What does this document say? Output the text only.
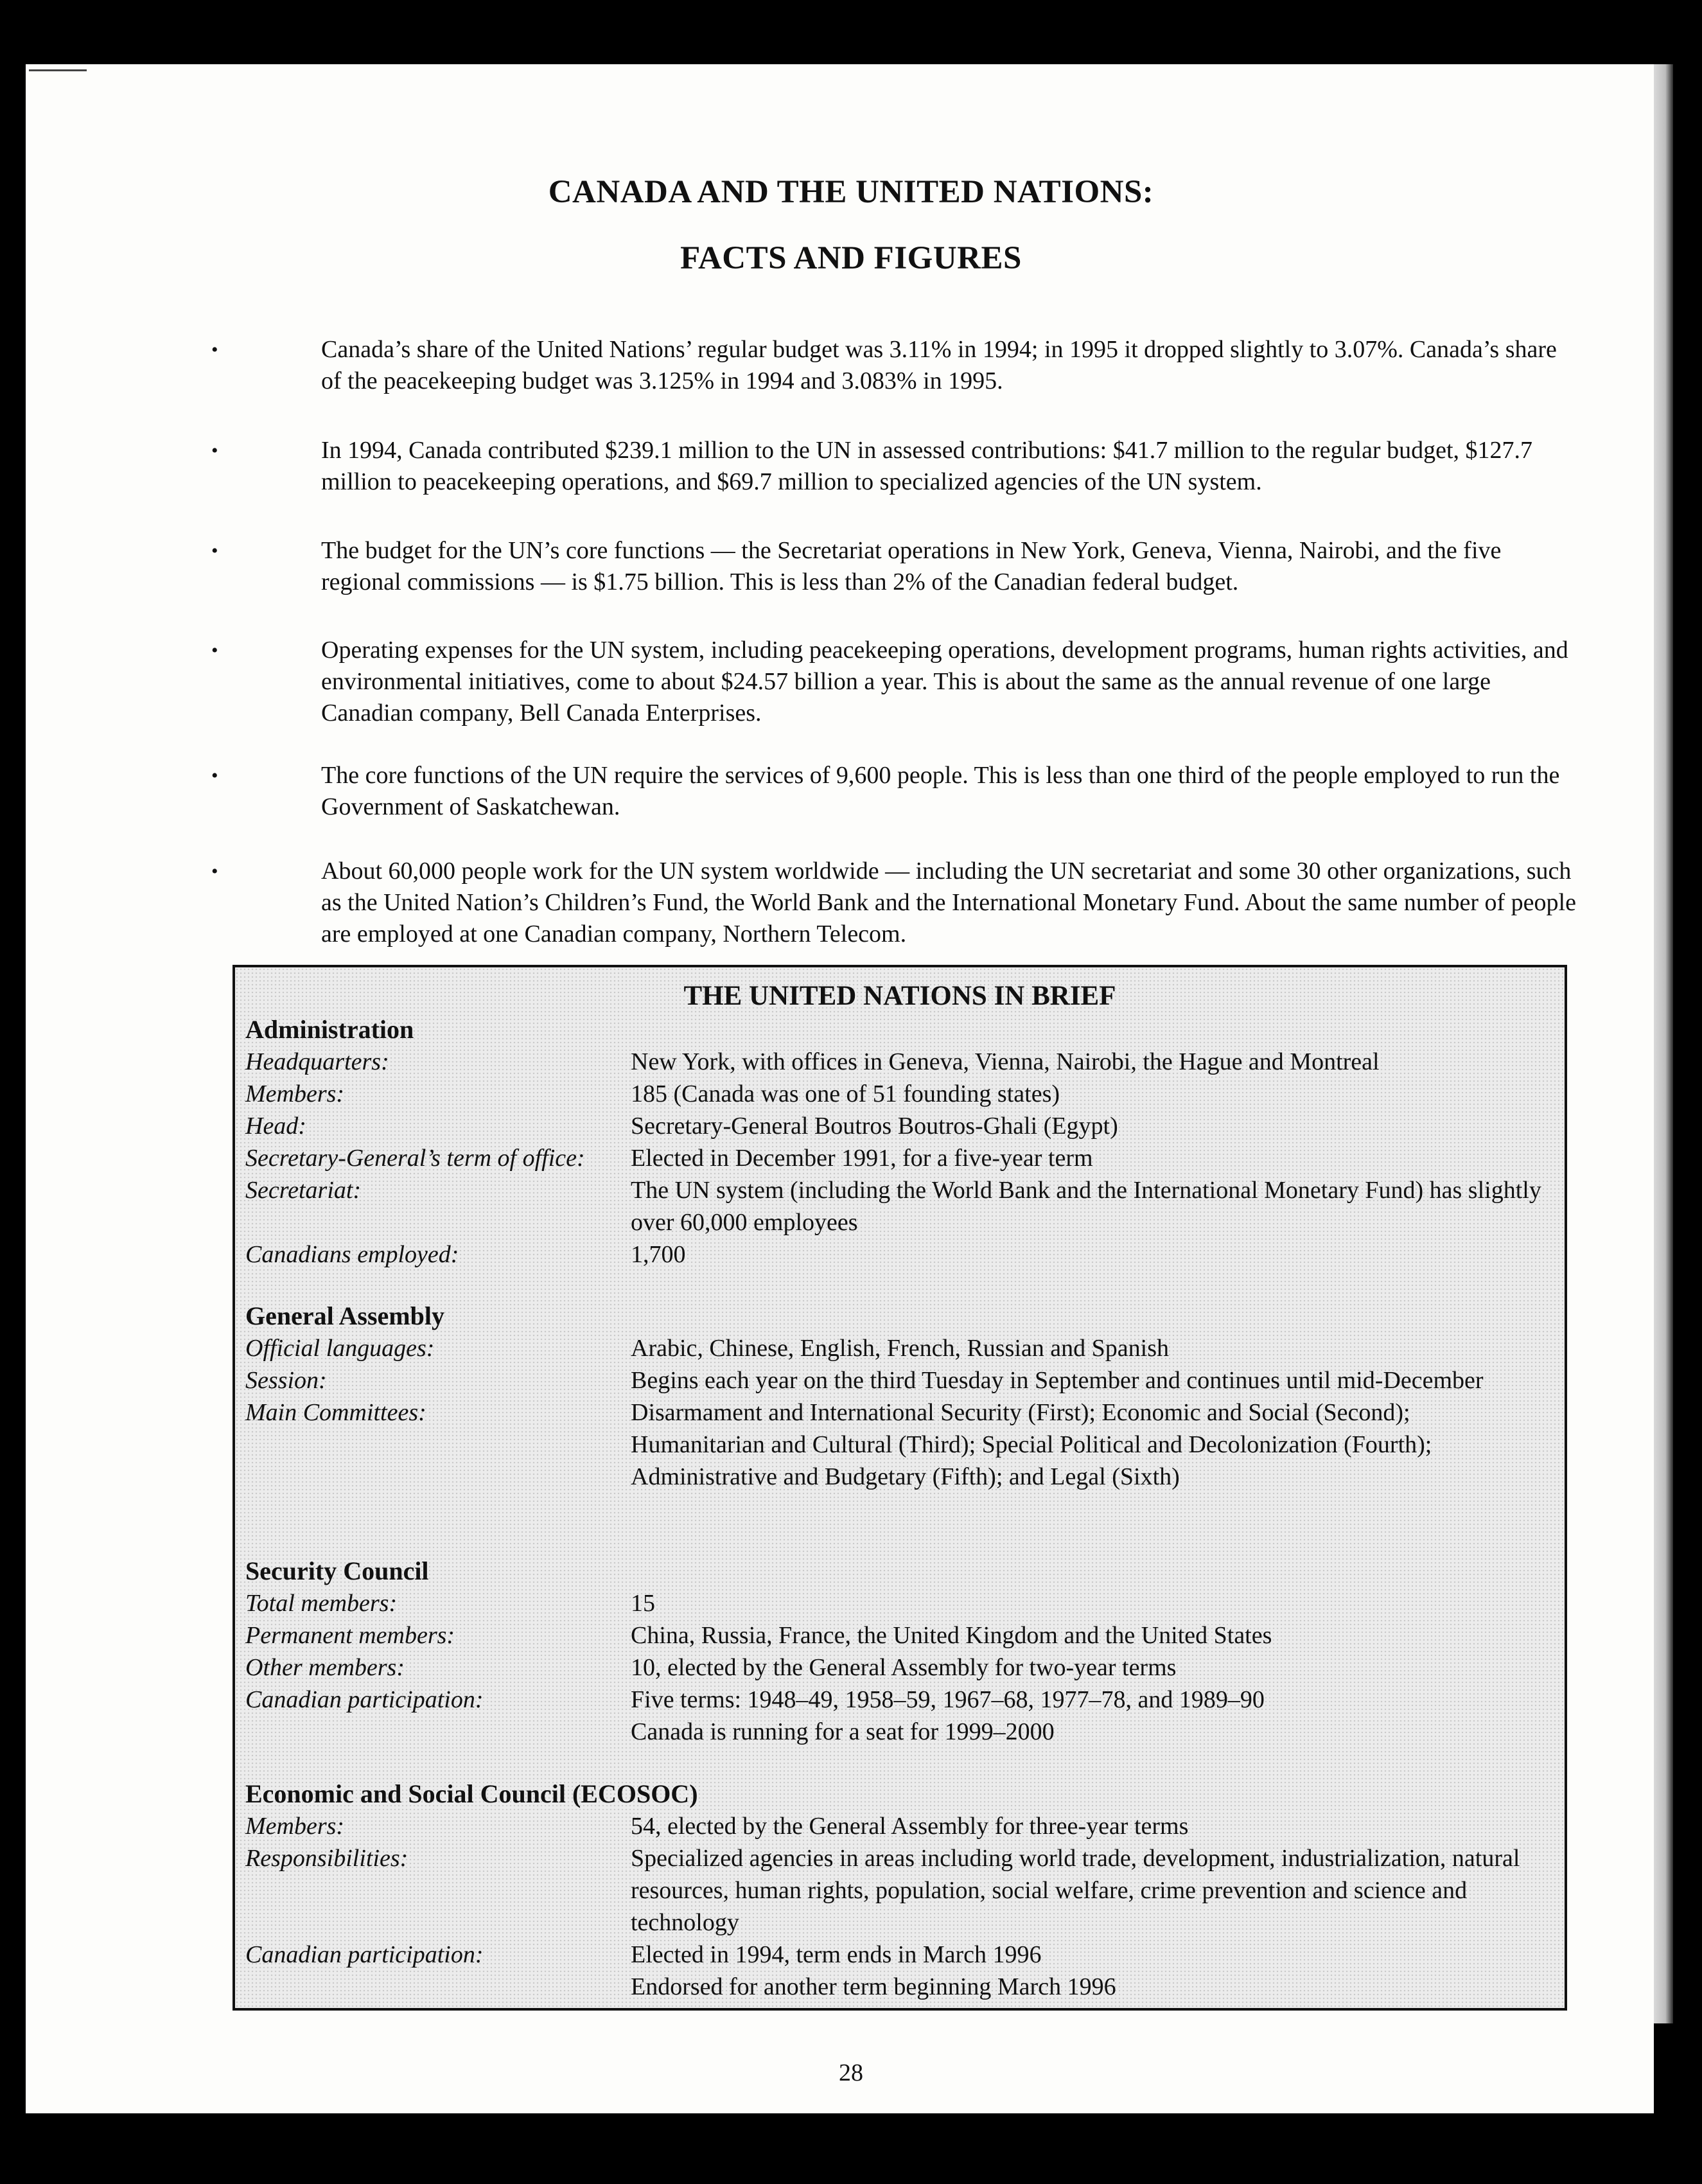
CANADA AND THE UNITED NATIONS:
FACTS AND FIGURES
•	Canada’s share of the United Nations’ regular budget was 3.11% in 1994; in 1995 it dropped slightly to 3.07%. Canada’s share of the peacekeeping budget was 3.125% in 1994 and 3.083% in 1995.
•	In 1994, Canada contributed $239.1 million to the UN in assessed contributions: $41.7 million to the regular budget, $127.7 million to peacekeeping operations, and $69.7 million to specialized agencies of the UN system.
•	The budget for the UN’s core functions — the Secretariat operations in New York, Geneva, Vienna, Nairobi, and the five regional commissions — is $1.75 billion. This is less than 2% of the Canadian federal budget.
•	Operating expenses for the UN system, including peacekeeping operations, development programs, human rights activities, and environmental initiatives, come to about $24.57 billion a year. This is about the same as the annual revenue of one large Canadian company, Bell Canada Enterprises.
•	The core functions of the UN require the services of 9,600 people. This is less than one third of the people employed to run the Government of Saskatchewan.
•	About 60,000 people work for the UN system worldwide — including the UN secretariat and some 30 other organizations, such as the United Nation’s Children’s Fund, the World Bank and the International Monetary Fund. About the same number of people are employed at one Canadian company, Northern Telecom.
THE UNITED NATIONS IN BRIEF
Administration
Headquarters:	New York, with offices in Geneva, Vienna, Nairobi, the Hague and Montreal
Members:	185 (Canada was one of 51 founding states)
Head:	Secretary-General Boutros Boutros-Ghali (Egypt)
Secretary-General’s term of office:	Elected in December 1991, for a five-year term
Secretariat:	The UN system (including the World Bank and the International Monetary Fund) has slightly over 60,000 employees
Canadians employed:	1,700
General Assembly
Official languages:	Arabic, Chinese, English, French, Russian and Spanish
Session:	Begins each year on the third Tuesday in September and continues until mid-December
Main Committees:	Disarmament and International Security (First); Economic and Social (Second); Humanitarian and Cultural (Third); Special Political and Decolonization (Fourth); Administrative and Budgetary (Fifth); and Legal (Sixth)
Security Council
Total members:	15
Permanent members:	China, Russia, France, the United Kingdom and the United States
Other members:	10, elected by the General Assembly for two-year terms
Canadian participation:	Five terms: 1948–49, 1958–59, 1967–68, 1977–78, and 1989–90
Canada is running for a seat for 1999–2000
Economic and Social Council (ECOSOC)
Members:	54, elected by the General Assembly for three-year terms
Responsibilities:	Specialized agencies in areas including world trade, development, industrialization, natural resources, human rights, population, social welfare, crime prevention and science and technology
Canadian participation:	Elected in 1994, term ends in March 1996
Endorsed for another term beginning March 1996
28
